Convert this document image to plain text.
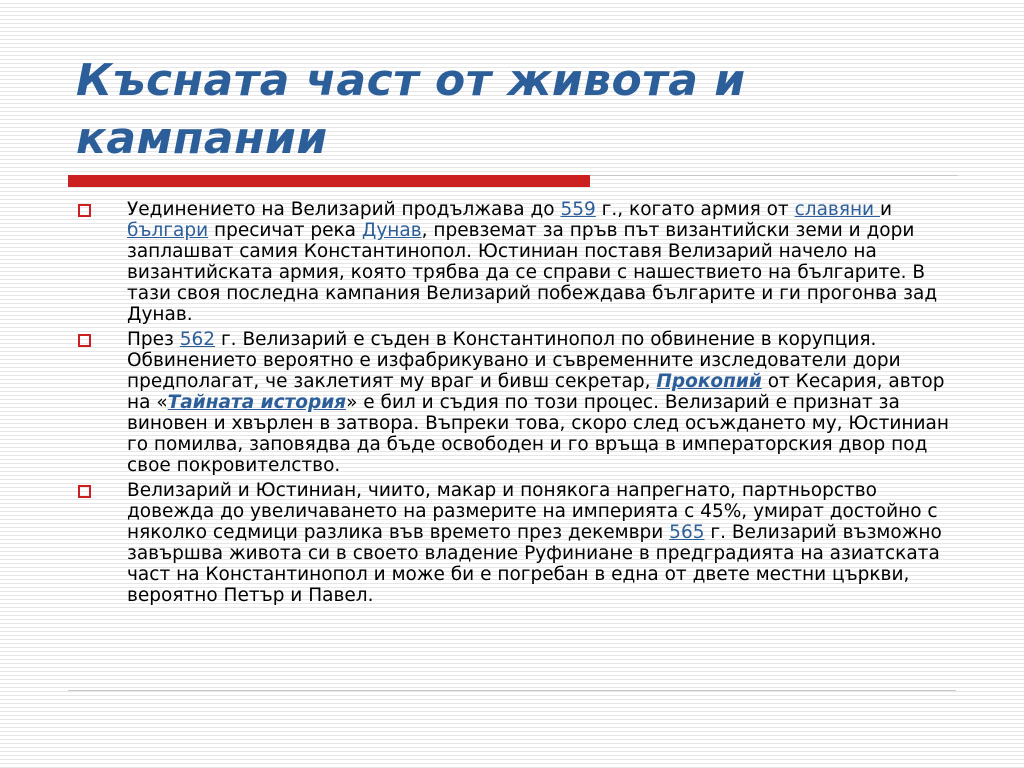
Късната част от живота и
кампании
Уединението на Велизарий продължава до 559 г., когато армия от славяни и българи пресичат река Дунав, превземат за пръв път византийски земи и дори заплашват самия Константинопол. Юстиниан поставя Велизарий начело на византийската армия, която трябва да се справи с нашествието на българите. В тази своя последна кампания Велизарий побеждава българите и ги прогонва зад Дунав.
През 562 г. Велизарий е съден в Константинопол по обвинение в корупция. Обвинението вероятно е изфабрикувано и съвременните изследователи дори предполагат, че заклетият му враг и бивш секретар, Прокопий от Кесария, автор на «Тайната история» е бил и съдия по този процес. Велизарий е признат за виновен и хвърлен в затвора. Въпреки това, скоро след осъждането му, Юстиниан го помилва, заповядва да бъде освободен и го връща в императорския двор под свое покровителство.
Велизарий и Юстиниан, чиито, макар и понякога напрегнато, партньорство довежда до увеличаването на размерите на империята с 45%, умират достойно с няколко седмици разлика във времето през декември 565 г. Велизарий възможно завършва живота си в своето владение Руфиниане в предградията на азиатската част на Константинопол и може би е погребан в една от двете местни църкви, вероятно Петър и Павел.
